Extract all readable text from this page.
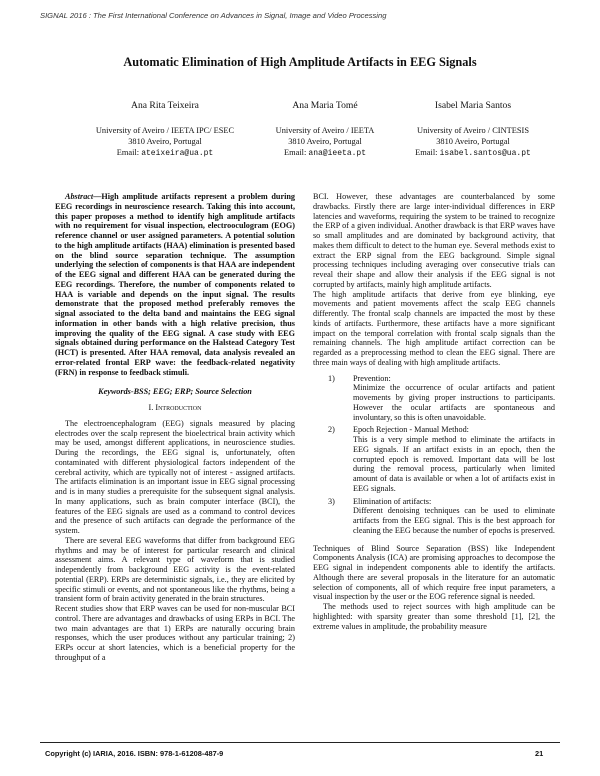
SIGNAL 2016 : The First International Conference on Advances in Signal, Image and Video Processing
Automatic Elimination of High Amplitude Artifacts in EEG Signals
Ana Rita Teixeira
University of Aveiro / IEETA IPC/ ESEC
3810 Aveiro, Portugal
Email: ateixeira@ua.pt
Ana Maria Tomé
University of Aveiro / IEETA
3810 Aveiro, Portugal
Email: ana@ieeta.pt
Isabel Maria Santos
University of Aveiro / CINTESIS
3810 Aveiro, Portugal
Email: isabel.santos@ua.pt

Abstract—High amplitude artifacts represent a problem during EEG recordings in neuroscience research. Taking this into account, this paper proposes a method to identify high amplitude artifacts with no requirement for visual inspection, electrooculogram (EOG) reference channel or user assigned parameters. A potential solution to the high amplitude artifacts (HAA) elimination is presented based on the blind source separation technique. The assumption underlying the selection of components is that HAA are independent of the EEG signal and different HAA can be generated during the EEG recordings. Therefore, the number of components related to HAA is variable and depends on the input signal. The results demonstrate that the proposed method preferably removes the signal associated to the delta band and maintains the EEG signal information in other bands with a high relative precision, thus improving the quality of the EEG signal. A case study with EEG signals obtained during performance on the Halstead Category Test (HCT) is presented. After HAA removal, data analysis revealed an error-related frontal ERP wave: the feedback-related negativity (FRN) in response to feedback stimuli.

Keywords-BSS; EEG; ERP; Source Selection

I. Introduction

The electroencephalogram (EEG) signals measured by placing electrodes over the scalp represent the bioelectrical brain activity which may be used, amongst different applications, in neuroscience studies. During the recordings, the EEG signal is, unfortunately, often contaminated with different physiological factors independent of the cerebral activity, which are typically not of interest - assigned artifacts. The artifacts elimination is an important issue in EEG signal processing and is in many studies a prerequisite for the subsequent signal analysis. In many applications, such as brain computer interface (BCI), the features of the EEG signals are used as a command to control devices and the presence of such artifacts can degrade the performance of the system.

There are several EEG waveforms that differ from background EEG rhythms and may be of interest for particular research and clinical assessment aims. A relevant type of waveform that is studied independently from background EEG activity is the event-related potential (ERP). ERPs are deterministic signals, i.e., they are elicited by specific stimuli or events, and not spontaneous like the rhythms, being a transient form of brain activity generated in the brain structures.

Recent studies show that ERP waves can be used for non-muscular BCI control. There are advantages and drawbacks of using ERPs in BCI. The two main advantages are that 1) ERPs are naturally occuring brain responses, which the user produces without any particular training; 2) ERPs occur at short latencies, which is a beneficial property for the throughput of a

BCI. However, these advantages are counterbalanced by some drawbacks. Firstly there are large inter-individual differences in ERP latencies and waveforms, requiring the system to be trained to recognize the ERP of a given individual. Another drawback is that ERP waves have so small amplitudes and are dominated by background activity, that makes them difficult to detect to the human eye. Several methods exist to extract the ERP signal from the EEG background. Simple signal processing techniques including averaging over consecutive trials can reveal their shape and allow their analysis if the EEG signal is not corrupted by artifacts, mainly high amplitude artifacts.

The high amplitude artifacts that derive from eye blinking, eye movements and patient movements affect the scalp EEG channels differently. The frontal scalp channels are impacted the most by these kinds of artifacts. Furthermore, these artifacts have a more significant impact on the temporal correlation with frontal scalp signals than the remaining channels. The high amplitude artifact correction can be regarded as a preprocessing method to clean the EEG signal. There are three main ways of dealing with high amplitude artifacts.

1)	Prevention:
Minimize the occurrence of ocular artifacts and patient movements by giving proper instructions to participants. However the ocular artifacts are spontaneous and involuntary, so this is often unavoidable.
2)	Epoch Rejection - Manual Method:
This is a very simple method to eliminate the artifacts in EEG signals. If an artifact exists in an epoch, then the corrupted epoch is removed. Important data will be lost during the removal process, particularly when limited amount of data is available or when a lot of artifacts exist in EEG signals.
3)	Elimination of artifacts:
Different denoising techniques can be used to eliminate artifacts from the EEG signal. This is the best approach for cleaning the EEG because the number of epochs is preserved.

Techniques of Blind Source Separation (BSS) like Independent Components Analysis (ICA) are promising approaches to decompose the EEG signal in independent components able to identify the artifacts. Although there are several proposals in the literature for an automatic selection of components, all of which require free input parameters, a visual inspection by the user or the EOG reference signal is needed.

The methods used to reject sources with high amplitude can be highlighted: with sparsity greater than some threshold [1], [2], the extreme values in amplitude, the probability measure

Copyright (c) IARIA, 2016. ISBN: 978-1-61208-487-9	21
